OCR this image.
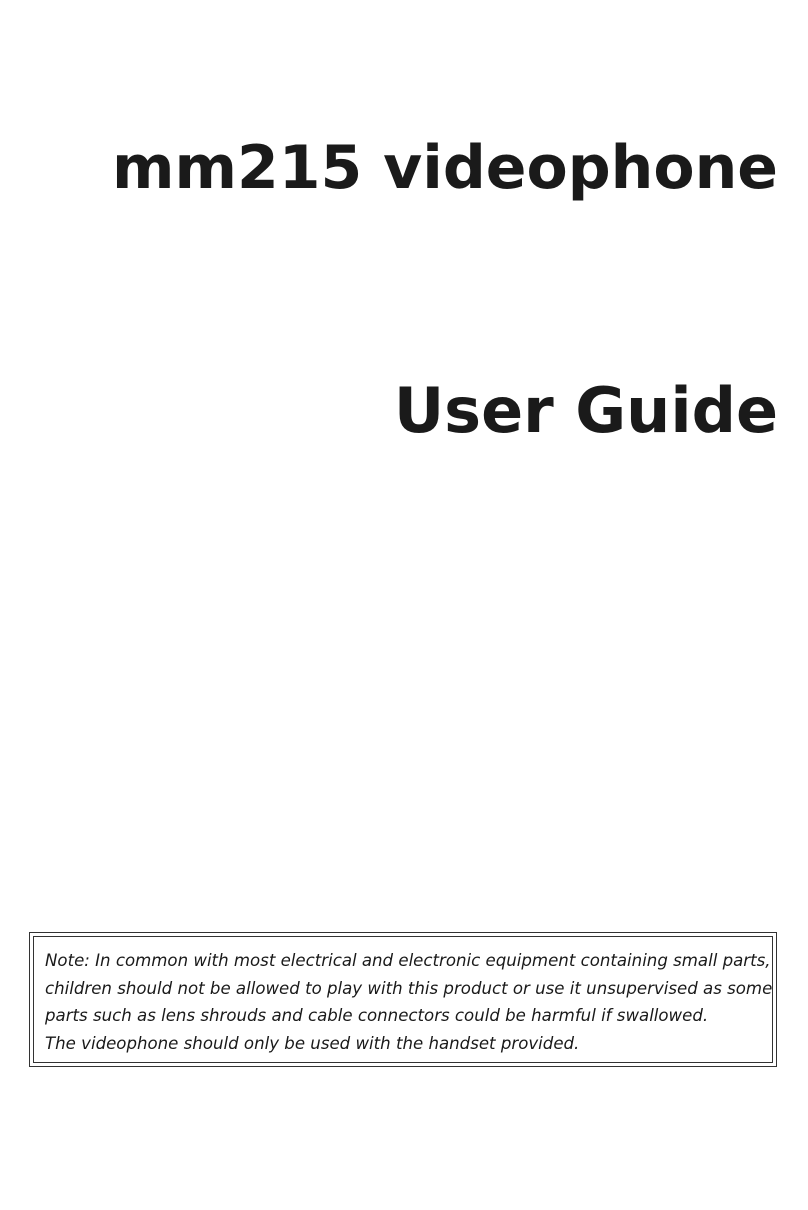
mm215 videophone
User Guide
Note: In common with most electrical and electronic equipment containing small parts,
children should not be allowed to play with this product or use it unsupervised as some
parts such as lens shrouds and cable connectors could be harmful if swallowed.
The videophone should only be used with the handset provided.
